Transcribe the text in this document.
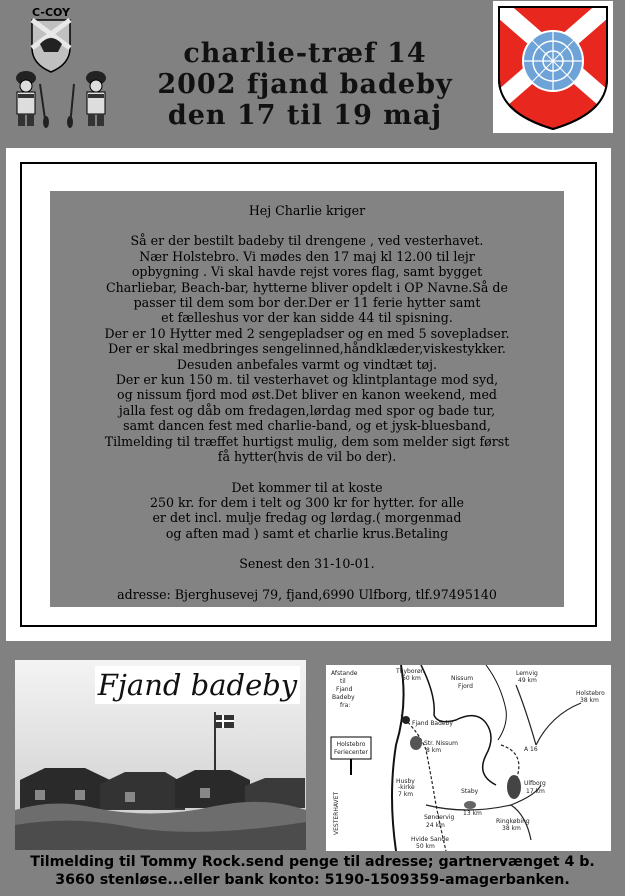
C-COY
charlie-træf 14
2002 fjand badeby
den 17 til 19 maj

Hej Charlie kriger

Så er der bestilt badeby til drengene , ved vesterhavet.

Nær Holstebro. Vi mødes den 17 maj kl 12.00 til lejr

opbygning . Vi skal havde rejst vores flag, samt bygget

Charliebar, Beach-bar, hytterne bliver opdelt i OP Navne.Så de

passer til dem som bor der.Der er 11 ferie hytter samt

et fælleshus vor der kan sidde 44 til spisning.

Der er 10 Hytter med 2 sengepladser og en med 5 sovepladser.

Der er skal medbringes sengelinned,håndklæder,viskestykker.

Desuden anbefales varmt og vindtæt tøj.

Der er kun 150 m. til vesterhavet og klintplantage mod syd,

og nissum fjord mod øst.Det bliver en kanon weekend, med

jalla fest og dåb om fredagen,lørdag med spor og bade tur,

samt dancen fest med charlie-band, og et jysk-bluesband,

Tilmelding til træffet hurtigst mulig, dem som melder sigt først

få hytter(hvis de vil bo der).

Det kommer til at koste

250 kr. for dem i telt og 300 kr for hytter. for alle

er det incl. mulje fredag og lørdag.( morgenmad

og aften mad ) samt et charlie krus.Betaling

Senest den 31-10-01.

adresse: Bjerghusevej 79, fjand,6990 Ulfborg, tlf.97495140

Fjand badeby
Holstebro
Feriecenter
Afstande
til
Fjand
Badeby
fra:
Thyborøn
60 km	Nissum
Fjord
Lemvig
49 km
Holstebro
38 km
Fjand Badeby
Str. Nissum
8 km
Husby
-kirke
7 km	Staby
13 km
Ulfborg
17 km
A 16
Søndervig
24 km
Ringkøbing
38 km
Hvide Sande
50 km
VESTERHAVET
Tilmelding til Tommy Rock.send penge til adresse; gartnervænget 4 b.
3660 stenløse...eller bank konto: 5190-1509359-amagerbanken.
